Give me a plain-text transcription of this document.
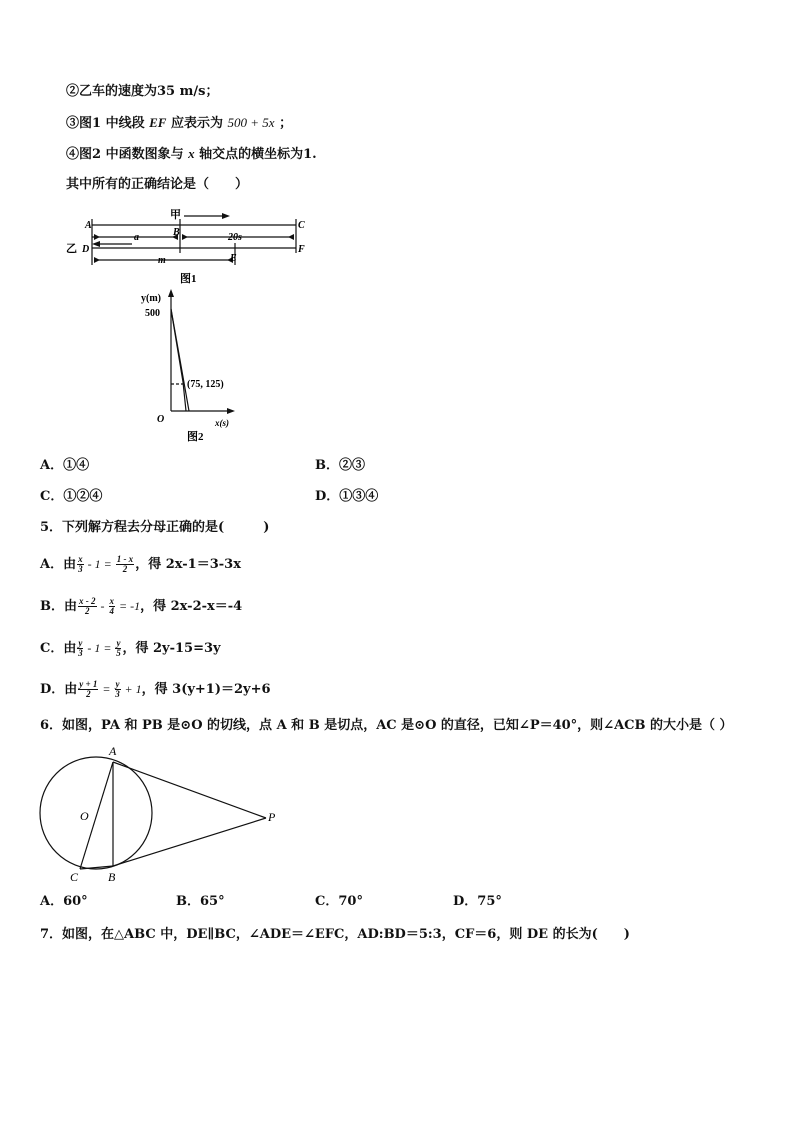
②乙车的速度为35 m/s；
③图1 中线段 EF 应表示为 500 + 5x ；
④图2 中函数图象与 x 轴交点的横坐标为1.
其中所有的正确结论是（　　）
甲
乙
A
B
C
D
E
F
a	20s
m
图1
y(m)
500
(75, 125)
O	x(s)
图2
A．①④	B．②③
C．①②④	D．①③④
5．下列解方程去分母正确的是(　　　)
A．由 $\frac{x}{3} - 1 = \frac{1 - x}{2}$ ，得 2x-1＝3-3x
B．由 $\frac{x - 2}{2} - \frac{x}{4} = -1$，得 2x-2-x＝-4
C．由 $\frac{y}{3} - 1 = \frac{y}{5}$ ，得 2y-15=3y
D．由 $\frac{y + 1}{2} = \frac{y}{3} + 1$，得 3(y+1)＝2y+6
6．如图，PA 和 PB 是⊙O 的切线，点 A 和 B 是切点，AC 是⊙O 的直径，已知∠P＝40°，则∠ACB 的大小是（ ）
A
O	P
C B
A．60°	B．65°	C．70°	D．75°
7．如图，在△ABC 中，DE∥BC，∠ADE＝∠EFC，AD:BD＝5:3，CF＝6，则 DE 的长为(　　)
